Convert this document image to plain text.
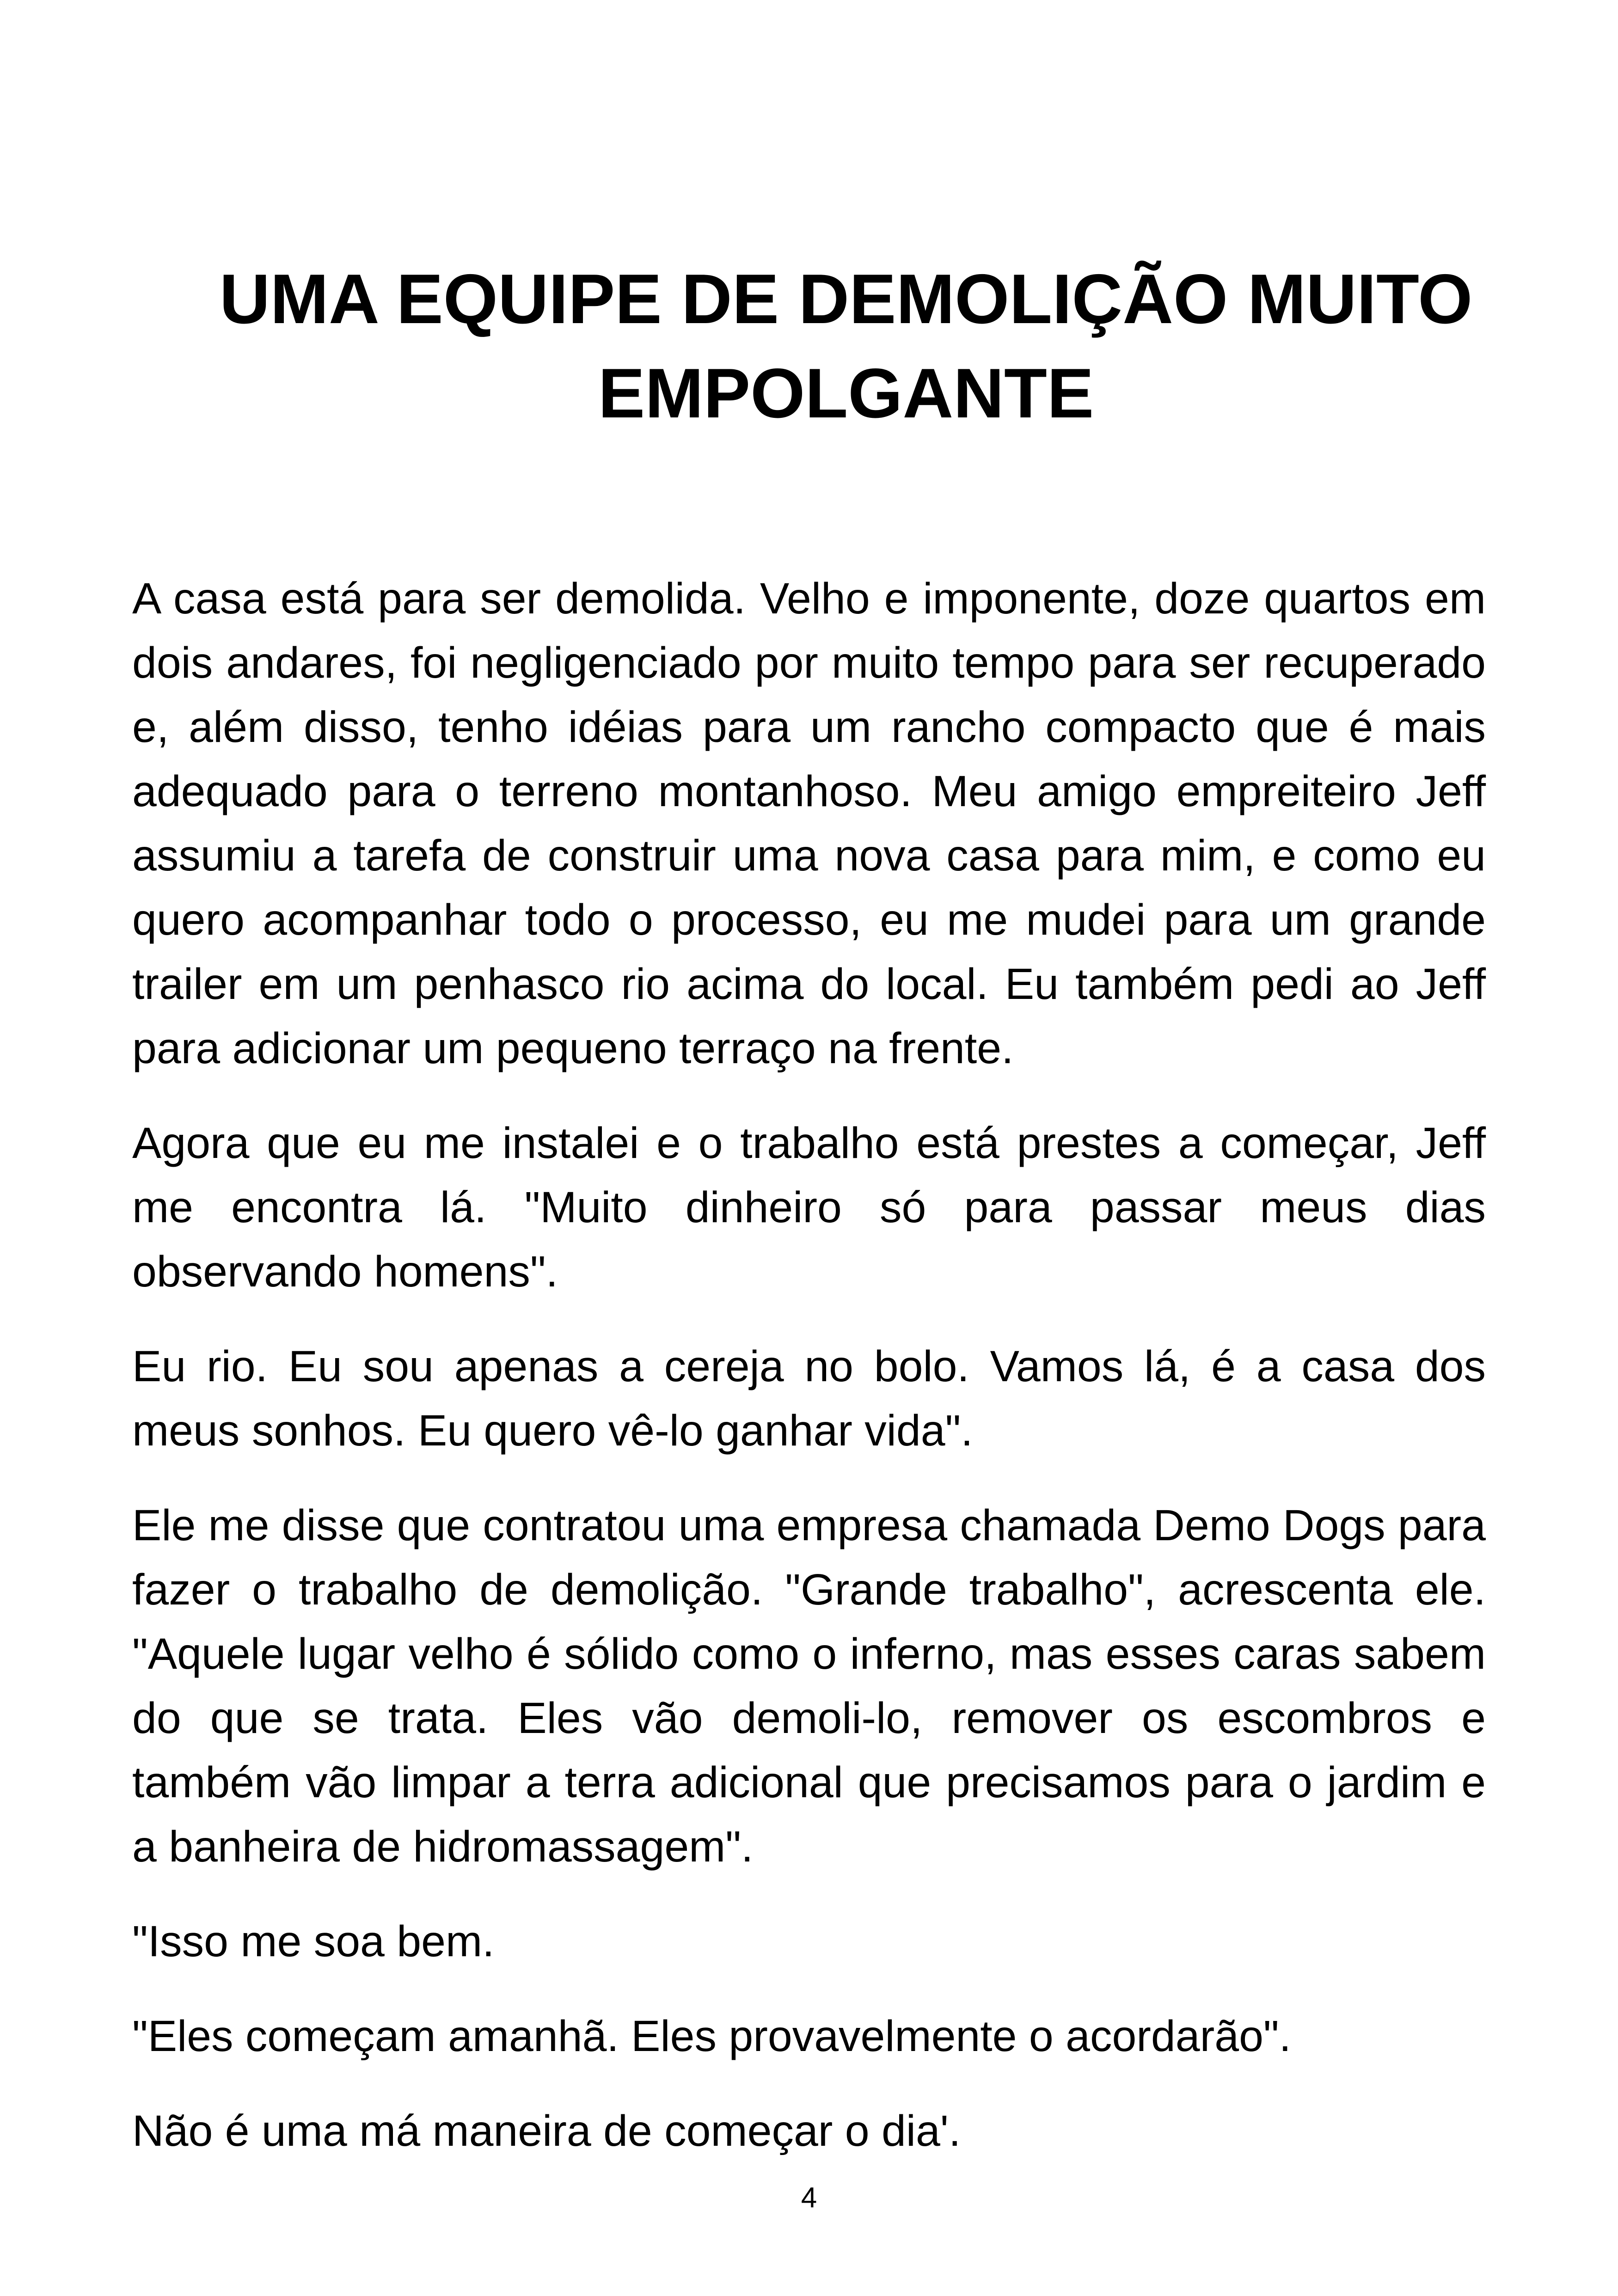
UMA EQUIPE DE DEMOLIÇÃO MUITO EMPOLGANTE

A casa está para ser demolida. Velho e imponente, doze quartos em dois andares, foi negligenciado por muito tempo para ser recuperado e, além disso, tenho idéias para um rancho compacto que é mais adequado para o terreno montanhoso. Meu amigo empreiteiro Jeff assumiu a tarefa de construir uma nova casa para mim, e como eu quero acompanhar todo o processo, eu me mudei para um grande trailer em um penhasco rio acima do local. Eu também pedi ao Jeff para adicionar um pequeno terraço na frente.

Agora que eu me instalei e o trabalho está prestes a começar, Jeff me encontra lá. "Muito dinheiro só para passar meus dias observando homens".

Eu rio. Eu sou apenas a cereja no bolo. Vamos lá, é a casa dos meus sonhos. Eu quero vê-lo ganhar vida".

Ele me disse que contratou uma empresa chamada Demo Dogs para fazer o trabalho de demolição. "Grande trabalho", acrescenta ele. "Aquele lugar velho é sólido como o inferno, mas esses caras sabem do que se trata. Eles vão demoli-lo, remover os escombros e também vão limpar a terra adicional que precisamos para o jardim e a banheira de hidromassagem".

"Isso me soa bem.

"Eles começam amanhã. Eles provavelmente o acordarão".

Não é uma má maneira de começar o dia'.

4
